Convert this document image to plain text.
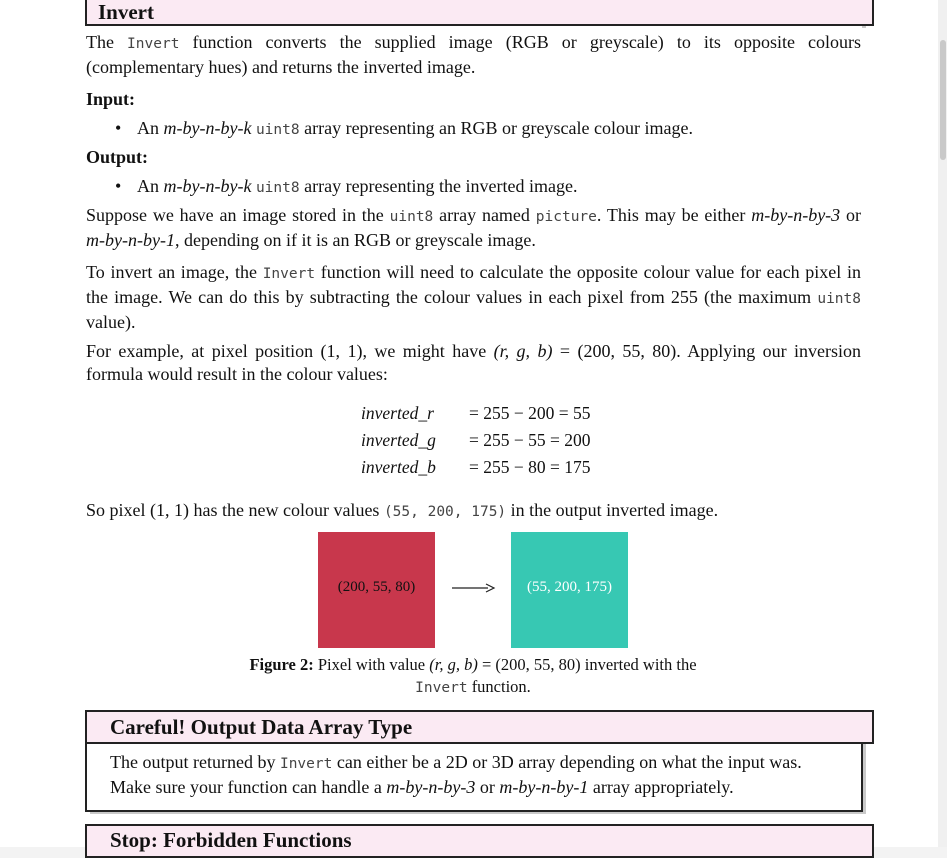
Invert

The Invert function converts the supplied image (RGB or greyscale) to its opposite colours (complementary hues) and returns the inverted image.

Input:
• An m-by-n-by-k uint8 array representing an RGB or greyscale colour image.
Output:
• An m-by-n-by-k uint8 array representing the inverted image.

Suppose we have an image stored in the uint8 array named picture. This may be either m-by-n-by-3 or m-by-n-by-1, depending on if it is an RGB or greyscale image.

To invert an image, the Invert function will need to calculate the opposite colour value for each pixel in the image. We can do this by subtracting the colour values in each pixel from 255 (the maximum uint8 value).

For example, at pixel position (1, 1), we might have (r, g, b) = (200, 55, 80). Applying our inversion formula would result in the colour values:

inverted_r = 255 − 200 = 55
inverted_g = 255 − 55 = 200
inverted_b = 255 − 80 = 175

So pixel (1, 1) has the new colour values (55, 200, 175) in the output inverted image.

(200, 55, 80)	(55, 200, 175)
Figure 2: Pixel with value (r, g, b) = (200, 55, 80) inverted with the
Invert function.
Careful! Output Data Array Type

The output returned by Invert can either be a 2D or 3D array depending on what the input was. Make sure your function can handle a m-by-n-by-3 or m-by-n-by-1 array appropriately.

Stop: Forbidden Functions
